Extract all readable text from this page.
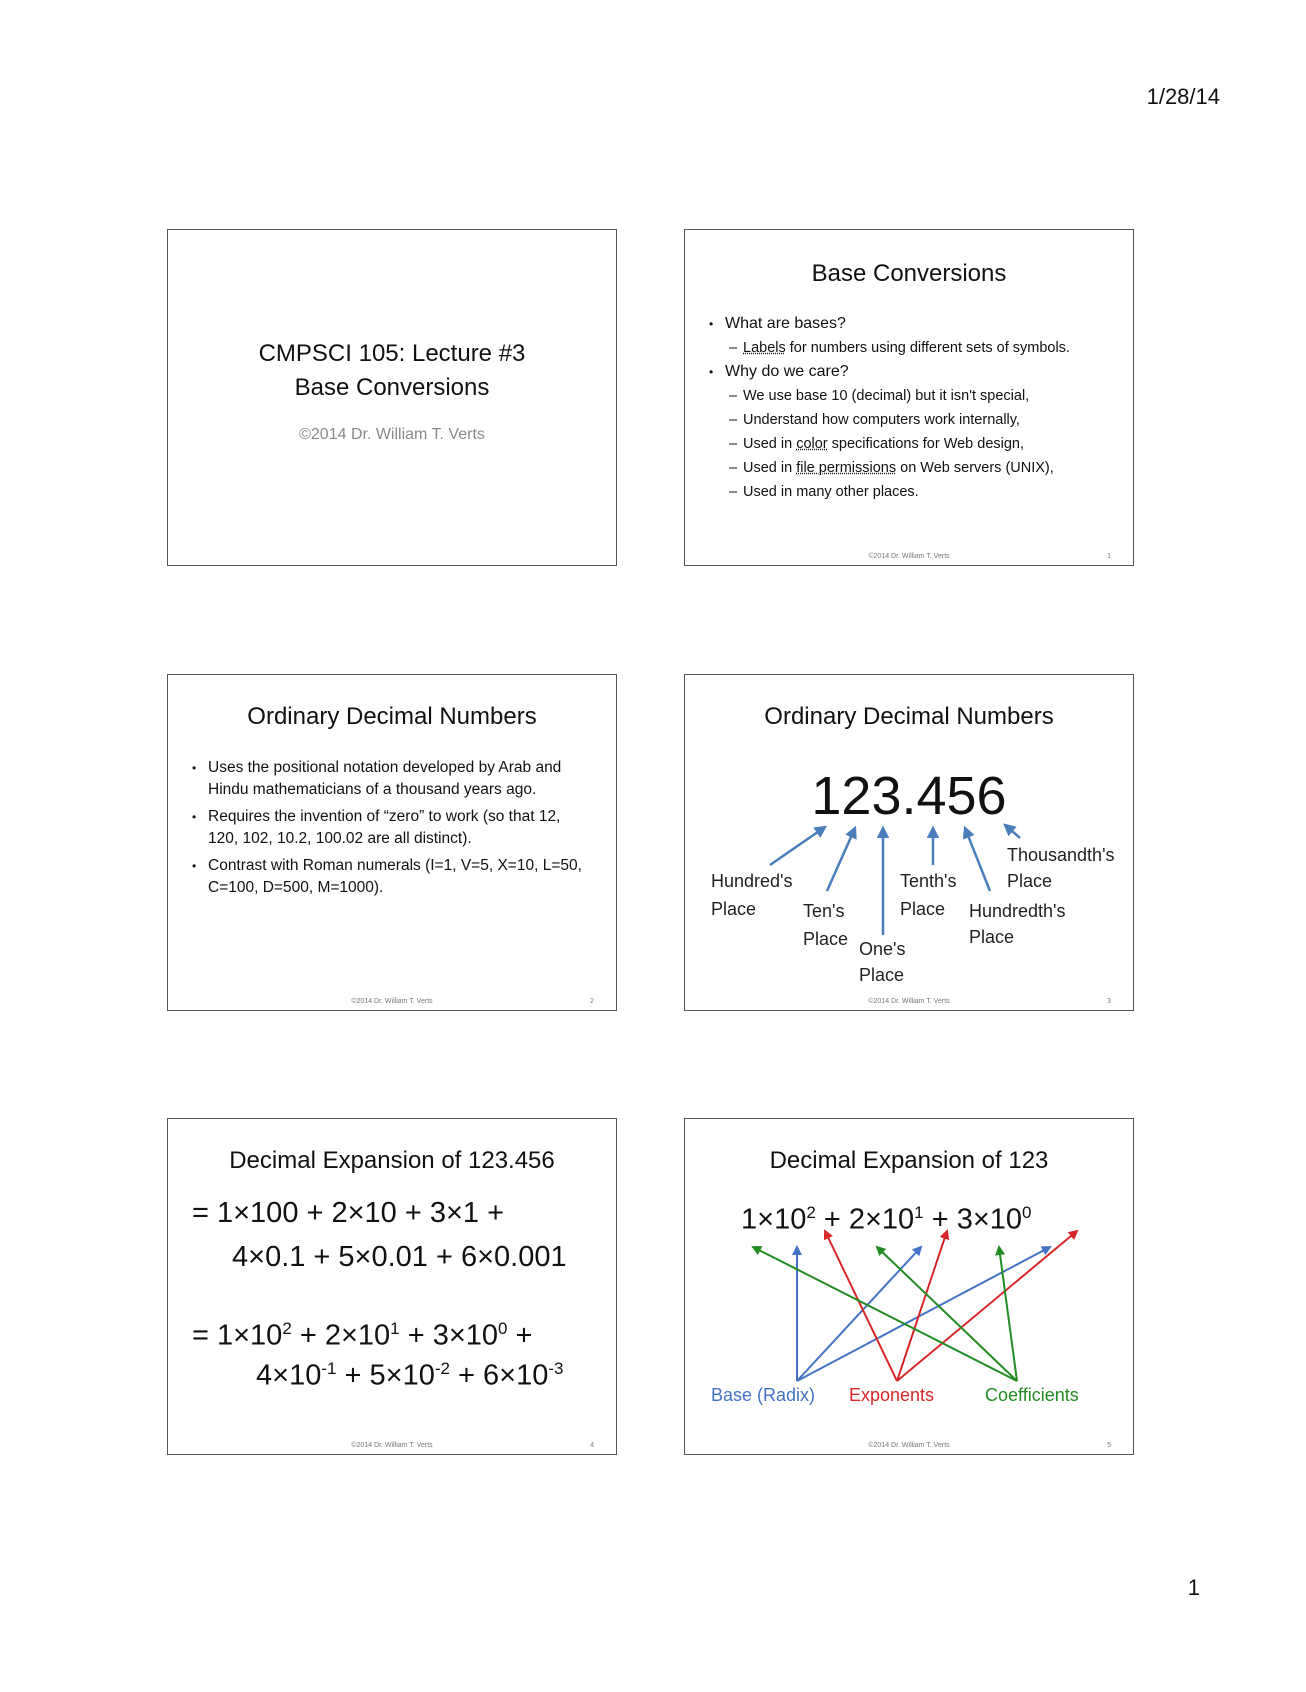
1/28/14
CMPSCI 105: Lecture #3
Base Conversions
©2014 Dr. William T. Verts
Base Conversions
• What are bases?
– Labels for numbers using different sets of symbols.
• Why do we care?
– We use base 10 (decimal) but it isn't special,
– Understand how computers work internally,
– Used in color specifications for Web design,
– Used in file permissions on Web servers (UNIX),
– Used in many other places.
©2014 Dr. William T. Verts	1
Ordinary Decimal Numbers
• Uses the positional notation developed by Arab and Hindu mathematicians of a thousand years ago.
• Requires the invention of “zero” to work (so that 12, 120, 102, 10.2, 100.02 are all distinct).
• Contrast with Roman numerals (I=1, V=5, X=10, L=50, C=100, D=500, M=1000).
©2014 Dr. William T. Verts	2
Ordinary Decimal Numbers
123.456
Hundred's
Place	Ten's
Place One's
Place
Tenth's
Place Hundredth's
Place
Thousandth's
Place
©2014 Dr. William T. Verts	3
Decimal Expansion of 123.456
= 1×100 + 2×10 + 3×1 +
4×0.1 + 5×0.01 + 6×0.001
= $1\times 10^2 + 2\times 10^1 + 3\times 10^0$ +
$4\times 10^{-1} + 5\times 10^{-2} + 6\times 10^{-3}$
©2014 Dr. William T. Verts	4
Decimal Expansion of 123
$1\times 10^2 + 2\times 10^1 + 3\times 10^0$
Base (Radix) Exponents	Coefficients
©2014 Dr. William T. Verts	5
1
